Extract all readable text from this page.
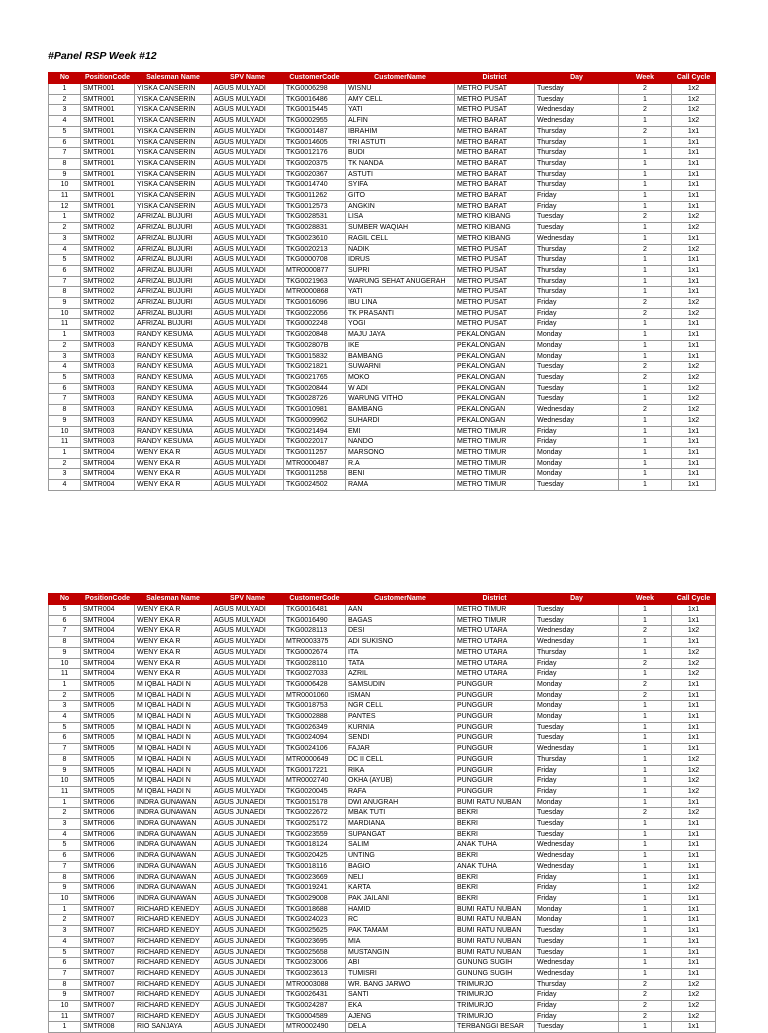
#Panel RSP Week #12
No	PositionCode	Salesman Name	SPV Name	CustomerCode	CustomerName	District	Day	Week	Call Cycle
1	SMTR001	YISKA CANSERIN	AGUS MULYADI	TKG0006298	WISNU	METRO PUSAT	Tuesday	2	1x2
2	SMTR001	YISKA CANSERIN	AGUS MULYADI	TKG0016486	AMY CELL	METRO PUSAT	Tuesday	1	1x2
3	SMTR001	YISKA CANSERIN	AGUS MULYADI	TKG0015445	YATI	METRO PUSAT	Wednesday	2	1x2
4	SMTR001	YISKA CANSERIN	AGUS MULYADI	TKG0002955	ALFIN	METRO BARAT	Wednesday	1	1x2
5	SMTR001	YISKA CANSERIN	AGUS MULYADI	TKG0001487	IBRAHIM	METRO BARAT	Thursday	2	1x1
6	SMTR001	YISKA CANSERIN	AGUS MULYADI	TKG0014605	TRI ASTUTI	METRO BARAT	Thursday	1	1x1
7	SMTR001	YISKA CANSERIN	AGUS MULYADI	TKG0012176	BUDI	METRO BARAT	Thursday	1	1x1
8	SMTR001	YISKA CANSERIN	AGUS MULYADI	TKG0020375	TK NANDA	METRO BARAT	Thursday	1	1x1
9	SMTR001	YISKA CANSERIN	AGUS MULYADI	TKG0020367	ASTUTI	METRO BARAT	Thursday	1	1x1
10	SMTR001	YISKA CANSERIN	AGUS MULYADI	TKG0014740	SYIFA	METRO BARAT	Thursday	1	1x1
11	SMTR001	YISKA CANSERIN	AGUS MULYADI	TKG0011262	GITO	METRO BARAT	Friday	1	1x1
12	SMTR001	YISKA CANSERIN	AGUS MULYADI	TKG0012573	ANGKIN	METRO BARAT	Friday	1	1x1
1	SMTR002	AFRIZAL BUJURI	AGUS MULYADI	TKG0028531	LISA	METRO KIBANG	Tuesday	2	1x2
2	SMTR002	AFRIZAL BUJURI	AGUS MULYADI	TKG0028831	SUMBER WAQIAH	METRO KIBANG	Tuesday	1	1x2
3	SMTR002	AFRIZAL BUJURI	AGUS MULYADI	TKG0023610	RAGIL CELL	METRO KIBANG	Wednesday	1	1x1
4	SMTR002	AFRIZAL BUJURI	AGUS MULYADI	TKG0020213	NADIK	METRO PUSAT	Thursday	2	1x2
5	SMTR002	AFRIZAL BUJURI	AGUS MULYADI	TKG0000708	IDRUS	METRO PUSAT	Thursday	1	1x1
6	SMTR002	AFRIZAL BUJURI	AGUS MULYADI	MTR0000877	SUPRI	METRO PUSAT	Thursday	1	1x1
7	SMTR002	AFRIZAL BUJURI	AGUS MULYADI	TKG0021963	WARUNG SEHAT ANUGERAH	METRO PUSAT	Thursday	1	1x1
8	SMTR002	AFRIZAL BUJURI	AGUS MULYADI	MTR0000868	YATI	METRO PUSAT	Thursday	1	1x1
9	SMTR002	AFRIZAL BUJURI	AGUS MULYADI	TKG0016096	IBU LINA	METRO PUSAT	Friday	2	1x2
10	SMTR002	AFRIZAL BUJURI	AGUS MULYADI	TKG0022056	TK PRASANTI	METRO PUSAT	Friday	2	1x2
11	SMTR002	AFRIZAL BUJURI	AGUS MULYADI	TKG0002248	YOGI	METRO PUSAT	Friday	1	1x1
1	SMTR003	RANDY KESUMA	AGUS MULYADI	TKG0020848	MAJU JAYA	PEKALONGAN	Monday	1	1x1
2	SMTR003	RANDY KESUMA	AGUS MULYADI	TKG002807B	IKE	PEKALONGAN	Monday	1	1x1
3	SMTR003	RANDY KESUMA	AGUS MULYADI	TKG0015832	BAMBANG	PEKALONGAN	Monday	1	1x1
4	SMTR003	RANDY KESUMA	AGUS MULYADI	TKG0021821	SUWARNI	PEKALONGAN	Tuesday	2	1x2
5	SMTR003	RANDY KESUMA	AGUS MULYADI	TKG0021765	MOKO	PEKALONGAN	Tuesday	2	1x2
6	SMTR003	RANDY KESUMA	AGUS MULYADI	TKG0020844	W ADI	PEKALONGAN	Tuesday	1	1x2
7	SMTR003	RANDY KESUMA	AGUS MULYADI	TKG0028726	WARUNG VITHO	PEKALONGAN	Tuesday	1	1x2
8	SMTR003	RANDY KESUMA	AGUS MULYADI	TKG0010981	BAMBANG	PEKALONGAN	Wednesday	2	1x2
9	SMTR003	RANDY KESUMA	AGUS MULYADI	TKG0009962	SUHARDI	PEKALONGAN	Wednesday	1	1x2
10	SMTR003	RANDY KESUMA	AGUS MULYADI	TKG0021494	EMI	METRO TIMUR	Friday	1	1x1
11	SMTR003	RANDY KESUMA	AGUS MULYADI	TKG0022017	NANDO	METRO TIMUR	Friday	1	1x1
1	SMTR004	WENY EKA R	AGUS MULYADI	TKG0011257	MARSONO	METRO TIMUR	Monday	1	1x1
2	SMTR004	WENY EKA R	AGUS MULYADI	MTR0000487	R.A	METRO TIMUR	Monday	1	1x1
3	SMTR004	WENY EKA R	AGUS MULYADI	TKG0011258	BENI	METRO TIMUR	Monday	1	1x1
4	SMTR004	WENY EKA R	AGUS MULYADI	TKG0024502	RAMA	METRO TIMUR	Tuesday	1	1x1
No	PositionCode	Salesman Name	SPV Name	CustomerCode	CustomerName	District	Day	Week	Call Cycle
5	SMTR004	WENY EKA R	AGUS MULYADI	TKG0016481	AAN	METRO TIMUR	Tuesday	1	1x1
6	SMTR004	WENY EKA R	AGUS MULYADI	TKG0016490	BAGAS	METRO TIMUR	Tuesday	1	1x1
7	SMTR004	WENY EKA R	AGUS MULYADI	TKG0028113	DESI	METRO UTARA	Wednesday	2	1x2
8	SMTR004	WENY EKA R	AGUS MULYADI	MTR0003375	ADI SUKISNO	METRO UTARA	Wednesday	1	1x1
9	SMTR004	WENY EKA R	AGUS MULYADI	TKG0002674	ITA	METRO UTARA	Thursday	1	1x2
10	SMTR004	WENY EKA R	AGUS MULYADI	TKG0028110	TATA	METRO UTARA	Friday	2	1x2
11	SMTR004	WENY EKA R	AGUS MULYADI	TKG0027033	AZRIL	METRO UTARA	Friday	1	1x2
1	SMTR005	M IQBAL HADI N	AGUS MULYADI	TKG0006428	SAMSUDIN	PUNGGUR	Monday	2	1x1
2	SMTR005	M IQBAL HADI N	AGUS MULYADI	MTR0001060	ISMAN	PUNGGUR	Monday	2	1x1
3	SMTR005	M IQBAL HADI N	AGUS MULYADI	TKG0018753	NGR CELL	PUNGGUR	Monday	1	1x1
4	SMTR005	M IQBAL HADI N	AGUS MULYADI	TKG0002888	PANTES	PUNGGUR	Monday	1	1x1
5	SMTR005	M IQBAL HADI N	AGUS MULYADI	TKG0026349	KURNIA	PUNGGUR	Tuesday	1	1x1
6	SMTR005	M IQBAL HADI N	AGUS MULYADI	TKG0024094	SENDI	PUNGGUR	Tuesday	1	1x1
7	SMTR005	M IQBAL HADI N	AGUS MULYADI	TKG0024106	FAJAR	PUNGGUR	Wednesday	1	1x1
8	SMTR005	M IQBAL HADI N	AGUS MULYADI	MTR0000649	DC II CELL	PUNGGUR	Thursday	1	1x2
9	SMTR005	M IQBAL HADI N	AGUS MULYADI	TKG0017221	RIKA	PUNGGUR	Friday	1	1x2
10	SMTR005	M IQBAL HADI N	AGUS MULYADI	MTR0002740	OKHA (AYUB)	PUNGGUR	Friday	1	1x2
11	SMTR005	M IQBAL HADI N	AGUS MULYADI	TKG0020045	RAFA	PUNGGUR	Friday	1	1x2
1	SMTR006	INDRA GUNAWAN	AGUS JUNAEDI	TKG0015178	DWI ANUGRAH	BUMI RATU NUBAN	Monday	1	1x1
2	SMTR006	INDRA GUNAWAN	AGUS JUNAEDI	TKG0022672	MBAK TUTI	BEKRI	Tuesday	2	1x2
3	SMTR006	INDRA GUNAWAN	AGUS JUNAEDI	TKG0025172	MARDIANA	BEKRI	Tuesday	1	1x1
4	SMTR006	INDRA GUNAWAN	AGUS JUNAEDI	TKG0023559	SUPANGAT	BEKRI	Tuesday	1	1x1
5	SMTR006	INDRA GUNAWAN	AGUS JUNAEDI	TKG0018124	SALIM	ANAK TUHA	Wednesday	1	1x1
6	SMTR006	INDRA GUNAWAN	AGUS JUNAEDI	TKG0020425	UNTING	BEKRI	Wednesday	1	1x1
7	SMTR006	INDRA GUNAWAN	AGUS JUNAEDI	TKG0018116	BAGIO	ANAK TUHA	Wednesday	1	1x1
8	SMTR006	INDRA GUNAWAN	AGUS JUNAEDI	TKG0023669	NELI	BEKRI	Friday	1	1x1
9	SMTR006	INDRA GUNAWAN	AGUS JUNAEDI	TKG0019241	KARTA	BEKRI	Friday	1	1x2
10	SMTR006	INDRA GUNAWAN	AGUS JUNAEDI	TKG0029008	PAK JAILANI	BEKRI	Friday	1	1x1
1	SMTR007	RICHARD KENEDY	AGUS JUNAEDI	TKG0018688	HAMID	BUMI RATU NUBAN	Monday	1	1x1
2	SMTR007	RICHARD KENEDY	AGUS JUNAEDI	TKG0024023	RC	BUMI RATU NUBAN	Monday	1	1x1
3	SMTR007	RICHARD KENEDY	AGUS JUNAEDI	TKG0025625	PAK TAMAM	BUMI RATU NUBAN	Tuesday	1	1x1
4	SMTR007	RICHARD KENEDY	AGUS JUNAEDI	TKG0023695	MIA	BUMI RATU NUBAN	Tuesday	1	1x1
5	SMTR007	RICHARD KENEDY	AGUS JUNAEDI	TKG0025658	MUSTANGIN	BUMI RATU NUBAN	Tuesday	1	1x1
6	SMTR007	RICHARD KENEDY	AGUS JUNAEDI	TKG0023006	ABI	GUNUNG SUGIH	Wednesday	1	1x1
7	SMTR007	RICHARD KENEDY	AGUS JUNAEDI	TKG0023613	TUMISRI	GUNUNG SUGIH	Wednesday	1	1x1
8	SMTR007	RICHARD KENEDY	AGUS JUNAEDI	MTR0003088	WR. BANG JARWO	TRIMURJO	Thursday	2	1x2
9	SMTR007	RICHARD KENEDY	AGUS JUNAEDI	TKG0026431	SANTI	TRIMURJO	Friday	2	1x2
10	SMTR007	RICHARD KENEDY	AGUS JUNAEDI	TKG0024287	EKA	TRIMURJO	Friday	2	1x2
11	SMTR007	RICHARD KENEDY	AGUS JUNAEDI	TKG0004589	AJENG	TRIMURJO	Friday	2	1x2
1	SMTR008	RIO SANJAYA	AGUS JUNAEDI	MTR0002490	DELA	TERBANGGI BESAR	Tuesday	1	1x1
